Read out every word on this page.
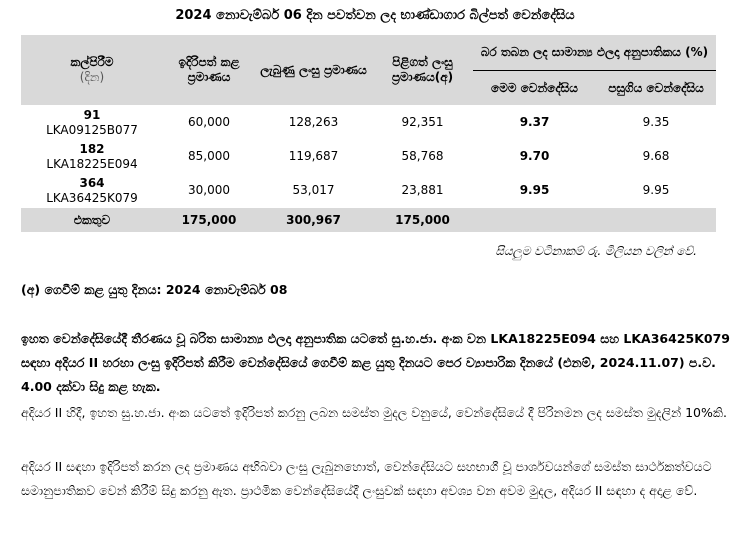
2024 නොවැම්බර් 06 දින පවත්වන ලද භාණ්ඩාගාර බිල්පත් වෙන්දේසිය
කල්පිරීම
(දින)	ඉදිරිපත් කළ ප්‍රමාණය	ලැබුණු ලංසු ප්‍රමාණය	පිළිගත් ලංසු ප්‍රමාණය(අ)	බර තබන ලද සාමාන්‍ය ඵලදා අනුපාතිකය (%)	
				මෙම වෙන්දේසිය	පසුගිය වෙන්දේසිය

91
LKA09125B077	60,000	128,263	92,351	9.37	9.35

182
LKA18225E094	85,000	119,687	58,768	9.70	9.68

364
LKA36425K079	30,000	53,017	23,881	9.95	9.95
එකතුව	175,000	300,967	175,000		
සියලුම වටිනාකම් රු. මිලියන වලින් වේ.
(අ) ගෙවීම් කළ යුතු දිනය: 2024 නොවැම්බර් 08
ඉහත වෙන්දේසියේදී තීරණය වූ බරිත සාමාන්‍ය ඵලදා අනුපාතික යටතේ සු.හ.ජා. අංක වන LKA18225E094 සහ LKA36425K079 සඳහා අදියර II හරහා ලංසු ඉදිරිපත් කිරීම වෙන්දේසියේ ගෙවීම් කළ යුතු දිනයට පෙර ව්‍යාපාරික දිනයේ (එනම්, 2024.11.07) ප.ව. 4.00 දක්වා සිදු කළ හැක.
අදියර II හිදී, ඉහත සු.හ.ජා. අංක යටතේ ඉදිරිපත් කරනු ලබන සමස්ත මුදල වනුයේ, වෙන්දේසියේ දී පිරිනමන ලද සමස්ත මුදලින් 10%කි.
අදියර II සඳහා ඉදිරිපත් කරන ලද ප්‍රමාණය අභිබවා ලංසු ලැබුනහොත්, වෙන්දේසියට සහභාගී වූ පාර්ශවයන්ගේ සමස්ත සාර්ථකත්වයට සමානුපාතිකව වෙන් කිරීම් සිදු කරනු ඇත. ප්‍රාථමික වෙන්දේසියේදී ලංසුවක් සඳහා අවශ්‍ය වන අවම මුදල, අදියර II සඳහා ද අදාළ වේ.
